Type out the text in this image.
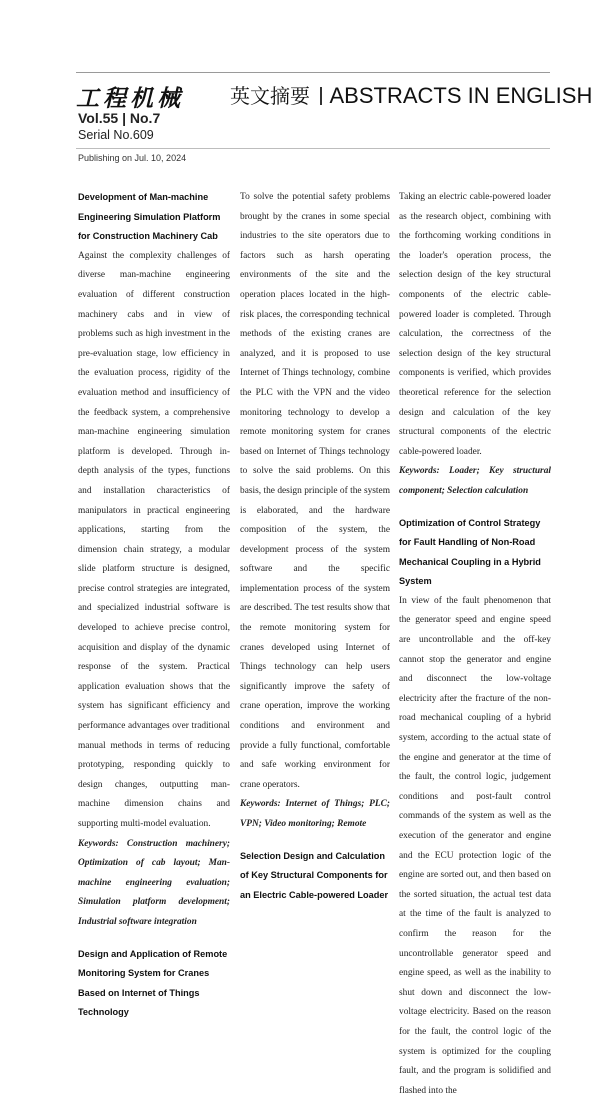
工程机械
Vol.55 | No.7
Serial No.609
英文摘要 ABSTRACTS IN ENGLISH
Publishing on Jul. 10, 2024
Development of Man-machine Engineering Simulation Platform for Construction Machinery Cab
Against the complexity challenges of diverse man-machine engineering evaluation of different construction machinery cabs and in view of problems such as high investment in the pre-evaluation stage, low efficiency in the evaluation process, rigidity of the evaluation method and insufficiency of the feedback system, a comprehensive man-machine engineering simulation platform is developed. Through in-depth analysis of the types, functions and installation characteristics of manipulators in practical engineering applications, starting from the dimension chain strategy, a modular slide platform structure is designed, precise control strategies are integrated, and specialized industrial software is developed to achieve precise control, acquisition and display of the dynamic response of the system. Practical application evaluation shows that the system has significant efficiency and performance advantages over traditional manual methods in terms of reducing prototyping, responding quickly to design changes, outputting man-machine dimension chains and supporting multi-model evaluation.
Keywords: Construction machinery; Optimization of cab layout; Man-machine engineering evaluation; Simulation platform development; Industrial software integration
Design and Application of Remote Monitoring System for Cranes Based on Internet of Things Technology
To solve the potential safety problems brought by the cranes in some special industries to the site operators due to factors such as harsh operating environments of the site and the operation places located in the high-risk places, the corresponding technical methods of the existing cranes are analyzed, and it is proposed to use Internet of Things technology, combine the PLC with the VPN and the video monitoring technology to develop a remote monitoring system for cranes based on Internet of Things technology to solve the said problems. On this basis, the design principle of the system is elaborated, and the hardware composition of the system, the development process of the system software and the specific implementation process of the system are described. The test results show that the remote monitoring system for cranes developed using Internet of Things technology can help users significantly improve the safety of crane operation, improve the working conditions and environment and provide a fully functional, comfortable and safe working environment for crane operators.
Keywords: Internet of Things; PLC; VPN; Video monitoring; Remote
Selection Design and Calculation of Key Structural Components for an Electric Cable-powered Loader
Taking an electric cable-powered loader as the research object, combining with the forthcoming working conditions in the loader's operation process, the selection design of the key structural components of the electric cable-powered loader is completed. Through calculation, the correctness of the selection design of the key structural components is verified, which provides theoretical reference for the selection design and calculation of the key structural components of the electric cable-powered loader.
Keywords: Loader; Key structural component; Selection calculation
Optimization of Control Strategy for Fault Handling of Non-Road Mechanical Coupling in a Hybrid System
In view of the fault phenomenon that the generator speed and engine speed are uncontrollable and the off-key cannot stop the generator and engine and disconnect the low-voltage electricity after the fracture of the non-road mechanical coupling of a hybrid system, according to the actual state of the engine and generator at the time of the fault, the control logic, judgement conditions and post-fault control commands of the system as well as the execution of the generator and engine and the ECU protection logic of the engine are sorted out, and then based on the sorted situation, the actual test data at the time of the fault is analyzed to confirm the reason for the uncontrollable generator speed and engine speed, as well as the inability to shut down and disconnect the low-voltage electricity. Based on the reason for the fault, the control logic of the system is optimized for the coupling fault, and the program is solidified and flashed into the
